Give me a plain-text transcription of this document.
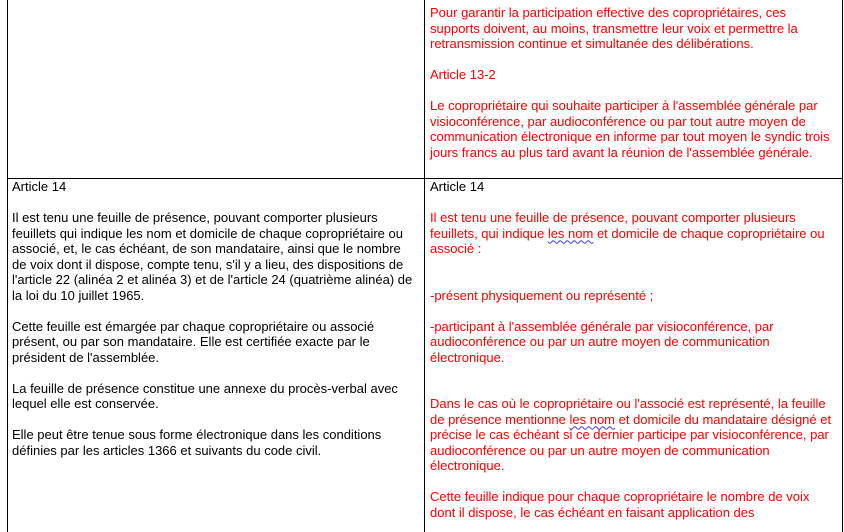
Pour garantir la participation effective des copropriétaires, ces supports doivent, au moins, transmettre leur voix et permettre la retransmission continue et simultanée des délibérations.

Article 13-2

Le copropriétaire qui souhaite participer à l'assemblée générale par visioconférence, par audioconférence ou par tout autre moyen de communication électronique en informe par tout moyen le syndic trois jours francs au plus tard avant la réunion de l'assemblée générale.

Article 14

Il est tenu une feuille de présence, pouvant comporter plusieurs feuillets qui indique les nom et domicile de chaque copropriétaire ou associé, et, le cas échéant, de son mandataire, ainsi que le nombre de voix dont il dispose, compte tenu, s'il y a lieu, des dispositions de l'article 22 (alinéa 2 et alinéa 3) et de l'article 24 (quatrième alinéa) de la loi du 10 juillet 1965.

Cette feuille est émargée par chaque copropriétaire ou associé présent, ou par son mandataire. Elle est certifiée exacte par le président de l'assemblée.

La feuille de présence constitue une annexe du procès-verbal avec lequel elle est conservée.

Elle peut être tenue sous forme électronique dans les conditions définies par les articles 1366 et suivants du code civil.

Article 14

Il est tenu une feuille de présence, pouvant comporter plusieurs feuillets, qui indique les nom et domicile de chaque copropriétaire ou associé :

-présent physiquement ou représenté ;

-participant à l'assemblée générale par visioconférence, par audioconférence ou par un autre moyen de communication électronique.

Dans le cas où le copropriétaire ou l'associé est représenté, la feuille de présence mentionne les nom et domicile du mandataire désigné et précise le cas échéant si ce dernier participe par visioconférence, par audioconférence ou par un autre moyen de communication électronique.

Cette feuille indique pour chaque copropriétaire le nombre de voix dont il dispose, le cas échéant en faisant application des
